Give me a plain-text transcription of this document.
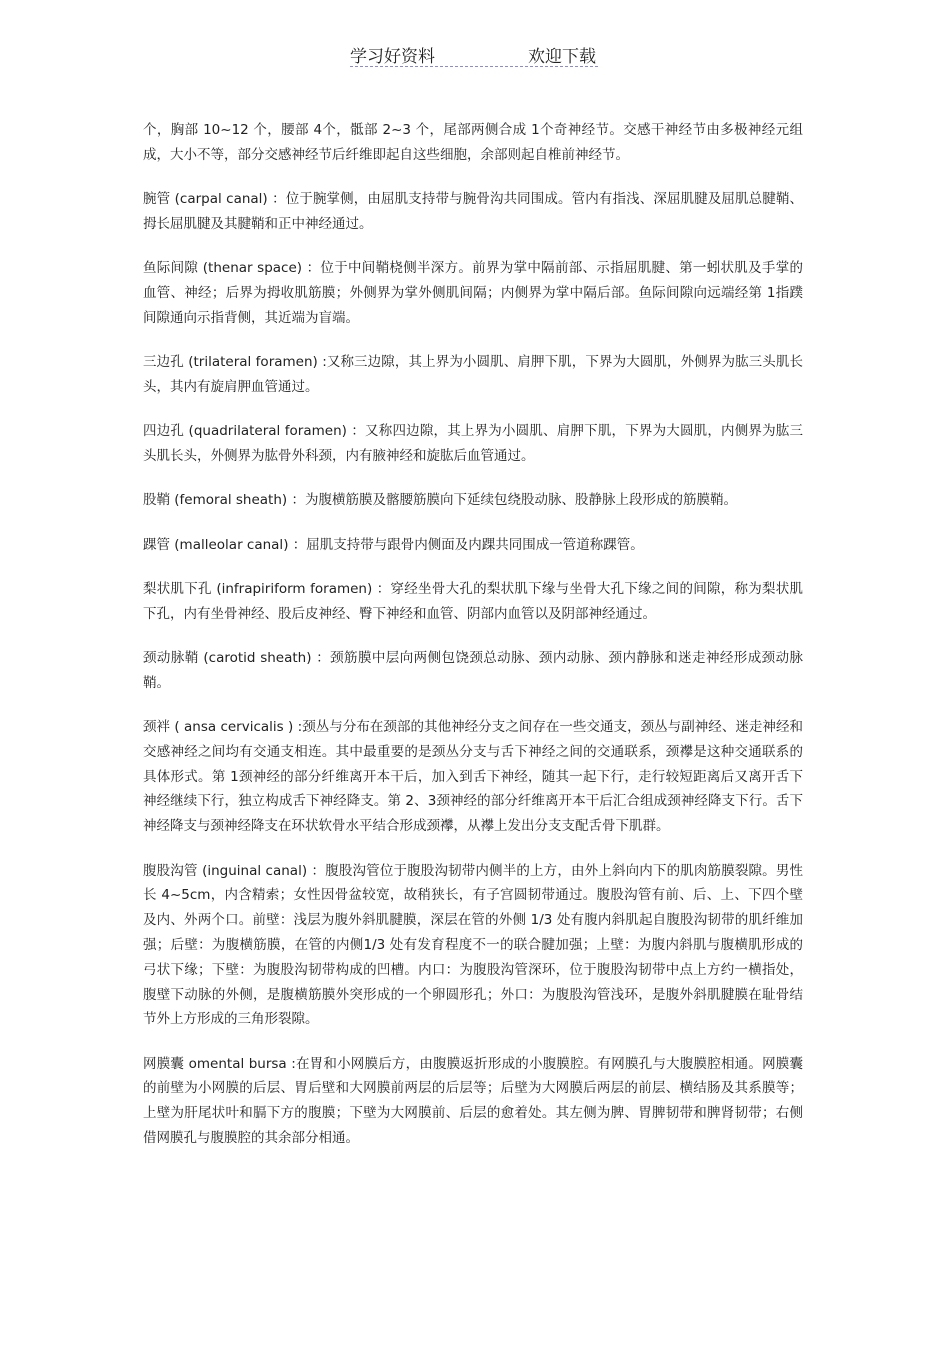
学习好资料	欢迎下载

个，胸部 10~12 个，腰部 4个，骶部 2~3 个，尾部两侧合成 1个奇神经节。交感干神经节由多极神经元组成，大小不等，部分交感神经节后纤维即起自这些细胞，余部则起自椎前神经节。

腕管 (carpal canal) ：位于腕掌侧，由屈肌支持带与腕骨沟共同围成。管内有指浅、深屈肌腱及屈肌总腱鞘、拇长屈肌腱及其腱鞘和正中神经通过。

鱼际间隙 (thenar space) ：位于中间鞘桡侧半深方。前界为掌中隔前部、示指屈肌腱、第一蚓状肌及手掌的血管、神经；后界为拇收肌筋膜；外侧界为掌外侧肌间隔；内侧界为掌中隔后部。鱼际间隙向远端经第 1指蹼间隙通向示指背侧，其近端为盲端。

三边孔 (trilateral foramen) :又称三边隙，其上界为小圆肌、肩胛下肌，下界为大圆肌，外侧界为肱三头肌长头，其内有旋肩胛血管通过。

四边孔 (quadrilateral foramen) ：又称四边隙，其上界为小圆肌、肩胛下肌，下界为大圆肌，内侧界为肱三头肌长头，外侧界为肱骨外科颈，内有腋神经和旋肱后血管通过。

股鞘 (femoral sheath) ：为腹横筋膜及髂腰筋膜向下延续包绕股动脉、股静脉上段形成的筋膜鞘。

踝管 (malleolar canal) ：屈肌支持带与跟骨内侧面及内踝共同围成一管道称踝管。

梨状肌下孔 (infrapiriform foramen) ：穿经坐骨大孔的梨状肌下缘与坐骨大孔下缘之间的间隙，称为梨状肌下孔，内有坐骨神经、股后皮神经、臀下神经和血管、阴部内血管以及阴部神经通过。

颈动脉鞘 (carotid sheath) ：颈筋膜中层向两侧包饶颈总动脉、颈内动脉、颈内静脉和迷走神经形成颈动脉鞘。

颈袢 ( ansa cervicalis ) :颈丛与分布在颈部的其他神经分支之间存在一些交通支，颈丛与副神经、迷走神经和交感神经之间均有交通支相连。其中最重要的是颈丛分支与舌下神经之间的交通联系，颈襻是这种交通联系的具体形式。第 1颈神经的部分纤维离开本干后，加入到舌下神经，随其一起下行，走行较短距离后又离开舌下神经继续下行，独立构成舌下神经降支。第 2、3颈神经的部分纤维离开本干后汇合组成颈神经降支下行。舌下神经降支与颈神经降支在环状软骨水平结合形成颈襻，从襻上发出分支支配舌骨下肌群。

腹股沟管 (inguinal canal) ：腹股沟管位于腹股沟韧带内侧半的上方，由外上斜向内下的肌肉筋膜裂隙。男性长 4~5cm，内含精索；女性因骨盆较宽，故稍狭长，有子宫圆韧带通过。腹股沟管有前、后、上、下四个壁及内、外两个口。前壁：浅层为腹外斜肌腱膜，深层在管的外侧 1/3 处有腹内斜肌起自腹股沟韧带的肌纤维加强；后壁：为腹横筋膜，在管的内侧1/3 处有发育程度不一的联合腱加强；上壁：为腹内斜肌与腹横肌形成的弓状下缘；下壁：为腹股沟韧带构成的凹槽。内口：为腹股沟管深环，位于腹股沟韧带中点上方约一横指处，腹壁下动脉的外侧，是腹横筋膜外突形成的一个卵圆形孔；外口：为腹股沟管浅环，是腹外斜肌腱膜在耻骨结节外上方形成的三角形裂隙。

网膜囊 omental bursa :在胃和小网膜后方，由腹膜返折形成的小腹膜腔。有网膜孔与大腹膜腔相通。网膜囊的前壁为小网膜的后层、胃后壁和大网膜前两层的后层等；后壁为大网膜后两层的前层、横结肠及其系膜等；上壁为肝尾状叶和膈下方的腹膜；下壁为大网膜前、后层的愈着处。其左侧为脾、胃脾韧带和脾肾韧带；右侧借网膜孔与腹膜腔的其余部分相通。
